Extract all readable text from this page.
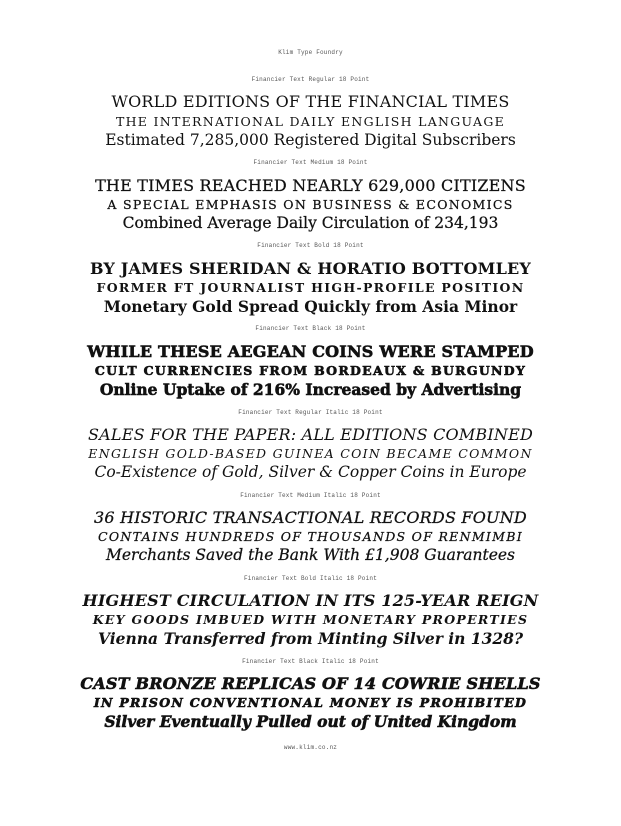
Klim Type Foundry
Financier Text Regular 18 Point
WORLD EDITIONS OF THE FINANCIAL TIMES
THE INTERNATIONAL DAILY ENGLISH LANGUAGE
Estimated 7,285,000 Registered Digital Subscribers
Financier Text Medium 18 Point
THE TIMES REACHED NEARLY 629,000 CITIZENS
A SPECIAL EMPHASIS ON BUSINESS & ECONOMICS
Combined Average Daily Circulation of 234,193
Financier Text Bold 18 Point
BY JAMES SHERIDAN & HORATIO BOTTOMLEY
FORMER FT JOURNALIST HIGH-PROFILE POSITION
Monetary Gold Spread Quickly from Asia Minor
Financier Text Black 18 Point
WHILE THESE AEGEAN COINS WERE STAMPED
CULT CURRENCIES FROM BORDEAUX & BURGUNDY
Online Uptake of 216% Increased by Advertising
Financier Text Regular Italic 18 Point
SALES FOR THE PAPER: ALL EDITIONS COMBINED
ENGLISH GOLD-BASED GUINEA COIN BECAME COMMON
Co-Existence of Gold, Silver & Copper Coins in Europe
Financier Text Medium Italic 18 Point
36 HISTORIC TRANSACTIONAL RECORDS FOUND
CONTAINS HUNDREDS OF THOUSANDS OF RENMIMBI
Merchants Saved the Bank With £1,908 Guarantees
Financier Text Bold Italic 18 Point
HIGHEST CIRCULATION IN ITS 125-YEAR REIGN
KEY GOODS IMBUED WITH MONETARY PROPERTIES
Vienna Transferred from Minting Silver in 1328?
Financier Text Black Italic 18 Point
CAST BRONZE REPLICAS OF 14 COWRIE SHELLS
IN PRISON CONVENTIONAL MONEY IS PROHIBITED
Silver Eventually Pulled out of United Kingdom
www.klim.co.nz
